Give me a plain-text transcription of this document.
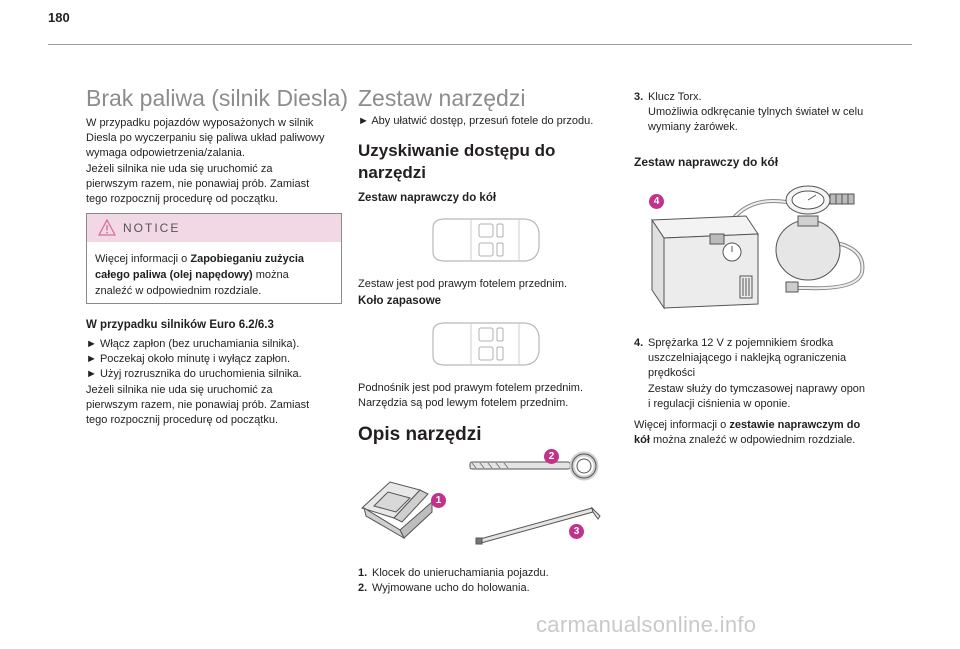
180
Brak paliwa (silnik Diesla)

W przypadku pojazdów wyposażonych w silnik

Diesla po wyczerpaniu się paliwa układ paliwowy

wymaga odpowietrzenia/zalania.

Jeżeli silnika nie uda się uruchomić za

pierwszym razem, nie ponawiaj prób. Zamiast

tego rozpocznij procedurę od początku.

NOTICE
Więcej informacji o Zapobieganiu zużycia
całego paliwa (olej napędowy) można
znaleźć w odpowiednim rozdziale.
W przypadku silników Euro 6.2/6.3

► Włącz zapłon (bez uruchamiania silnika).

► Poczekaj około minutę i wyłącz zapłon.

► Użyj rozrusznika do uruchomienia silnika.

Jeżeli silnika nie uda się uruchomić za

pierwszym razem, nie ponawiaj prób. Zamiast

tego rozpocznij procedurę od początku.

Zestaw narzędzi

► Aby ułatwić dostęp, przesuń fotele do przodu.

Uzyskiwanie dostępu do
narzędzi
Zestaw naprawczy do kół

Zestaw jest pod prawym fotelem przednim.

Koło zapasowe

Podnośnik jest pod prawym fotelem przednim.

Narzędzia są pod lewym fotelem przednim.

Opis narzędzi
1
2
3

1. Klocek do unieruchamiania pojazdu.

2. Wyjmowane ucho do holowania.

3. Klucz Torx.

Umożliwia odkręcanie tylnych świateł w celu

wymiany żarówek.

Zestaw naprawczy do kół
4

4. Sprężarka 12 V z pojemnikiem środka

uszczelniającego i naklejką ograniczenia

prędkości

Zestaw służy do tymczasowej naprawy opon

i regulacji ciśnienia w oponie.

Więcej informacji o zestawie naprawczym do

kół można znaleźć w odpowiednim rozdziale.

carmanualsonline.info
